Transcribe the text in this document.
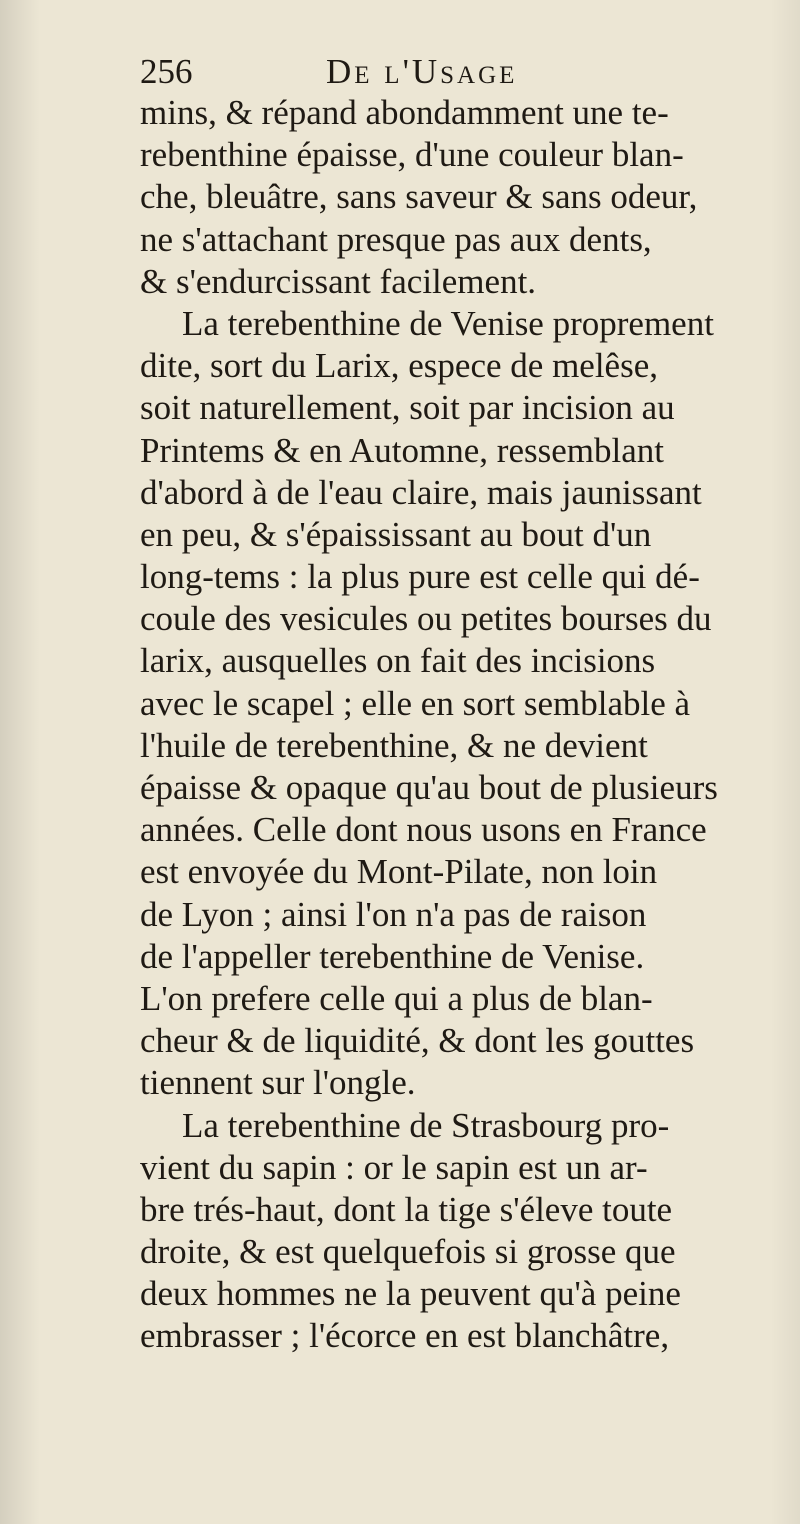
256	De l'Usage
mins, & répand abondamment une te-
rebenthine épaisse, d'une couleur blan-
che, bleuâtre, sans saveur & sans odeur,
ne s'attachant presque pas aux dents,
& s'endurcissant facilement.
La terebenthine de Venise proprement
dite, sort du Larix, espece de melêse,
soit naturellement, soit par incision au
Printems & en Automne, ressemblant
d'abord à de l'eau claire, mais jaunissant
en peu, & s'épaississant au bout d'un
long-tems : la plus pure est celle qui dé-
coule des vesicules ou petites bourses du
larix, ausquelles on fait des incisions
avec le scapel ; elle en sort semblable à
l'huile de terebenthine, & ne devient
épaisse & opaque qu'au bout de plusieurs
années. Celle dont nous usons en France
est envoyée du Mont-Pilate, non loin
de Lyon ; ainsi l'on n'a pas de raison
de l'appeller terebenthine de Venise.
L'on prefere celle qui a plus de blan-
cheur & de liquidité, & dont les gouttes
tiennent sur l'ongle.
La terebenthine de Strasbourg pro-
vient du sapin : or le sapin est un ar-
bre trés-haut, dont la tige s'éleve toute
droite, & est quelquefois si grosse que
deux hommes ne la peuvent qu'à peine
embrasser ; l'écorce en est blanchâtre,
